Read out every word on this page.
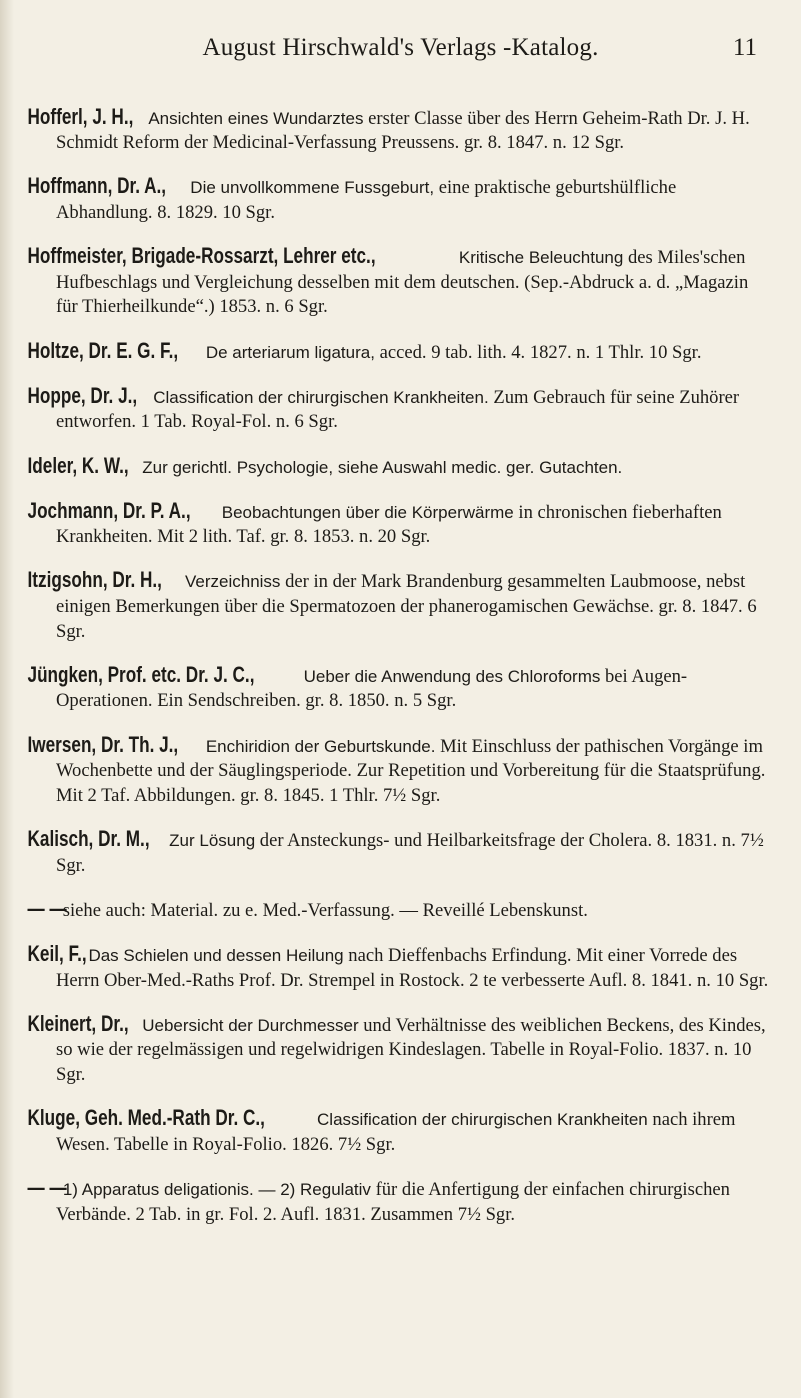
August Hirschwald's Verlags -Katalog.	11

Hofferl, J. H., Ansichten eines Wundarztes erster Classe über des Herrn Geheim-Rath Dr. J. H. Schmidt Reform der Medicinal-Verfassung Preussens. gr. 8. 1847. n. 12 Sgr.

Hoffmann, Dr. A., Die unvollkommene Fussgeburt, eine praktische geburtshülfliche Abhandlung. 8. 1829. 10 Sgr.

Hoffmeister, Brigade-Rossarzt, Lehrer etc.,	Kritische Beleuchtung des Miles'schen Hufbeschlags und Vergleichung desselben mit dem deutschen. (Sep.-Abdruck a. d. „Magazin für Thierheilkunde“.) 1853. n. 6 Sgr.

Holtze, Dr. E. G. F., De arteriarum ligatura, acced. 9 tab. lith. 4. 1827. n. 1 Thlr. 10 Sgr.

Hoppe, Dr. J., Classification der chirurgischen Krankheiten. Zum Gebrauch für seine Zuhörer entworfen. 1 Tab. Royal-Fol. n. 6 Sgr.

Ideler, K. W., Zur gerichtl. Psychologie, siehe Auswahl medic. ger. Gutachten.

Jochmann, Dr. P. A., Beobachtungen über die Körperwärme in chronischen fieberhaften Krankheiten. Mit 2 lith. Taf. gr. 8. 1853. n. 20 Sgr.

Itzigsohn, Dr. H., Verzeichniss der in der Mark Brandenburg gesammelten Laubmoose, nebst einigen Bemerkungen über die Spermatozoen der phanerogamischen Gewächse. gr. 8. 1847. 6 Sgr.

Jüngken, Prof. etc. Dr. J. C.,	Ueber die Anwendung des Chloroforms bei Augen-Operationen. Ein Sendschreiben. gr. 8. 1850. n. 5 Sgr.

Iwersen, Dr. Th. J., Enchiridion der Geburtskunde. Mit Einschluss der pathischen Vorgänge im Wochenbette und der Säuglingsperiode. Zur Repetition und Vorbereitung für die Staatsprüfung. Mit 2 Taf. Abbildungen. gr. 8. 1845. 1 Thlr. 7½ Sgr.

Kalisch, Dr. M., Zur Lösung der Ansteckungs- und Heilbarkeitsfrage der Cholera. 8. 1831. n. 7½ Sgr.

— — siehe auch: Material. zu e. Med.-Verfassung. — Reveillé Lebenskunst.

Keil, F., Das Schielen und dessen Heilung nach Dieffenbachs Erfindung. Mit einer Vorrede des Herrn Ober-Med.-Raths Prof. Dr. Strempel in Rostock. 2 te verbesserte Aufl. 8. 1841. n. 10 Sgr.

Kleinert, Dr., Uebersicht der Durchmesser und Verhältnisse des weiblichen Beckens, des Kindes, so wie der regelmässigen und regelwidrigen Kindeslagen. Tabelle in Royal-Folio. 1837. n. 10 Sgr.

Kluge, Geh. Med.-Rath Dr. C.,	Classification der chirurgischen Krankheiten nach ihrem Wesen. Tabelle in Royal-Folio. 1826. 7½ Sgr.

— — 1) Apparatus deligationis. — 2) Regulativ für die Anfertigung der einfachen chirurgischen Verbände. 2 Tab. in gr. Fol. 2. Aufl. 1831. Zusammen 7½ Sgr.
